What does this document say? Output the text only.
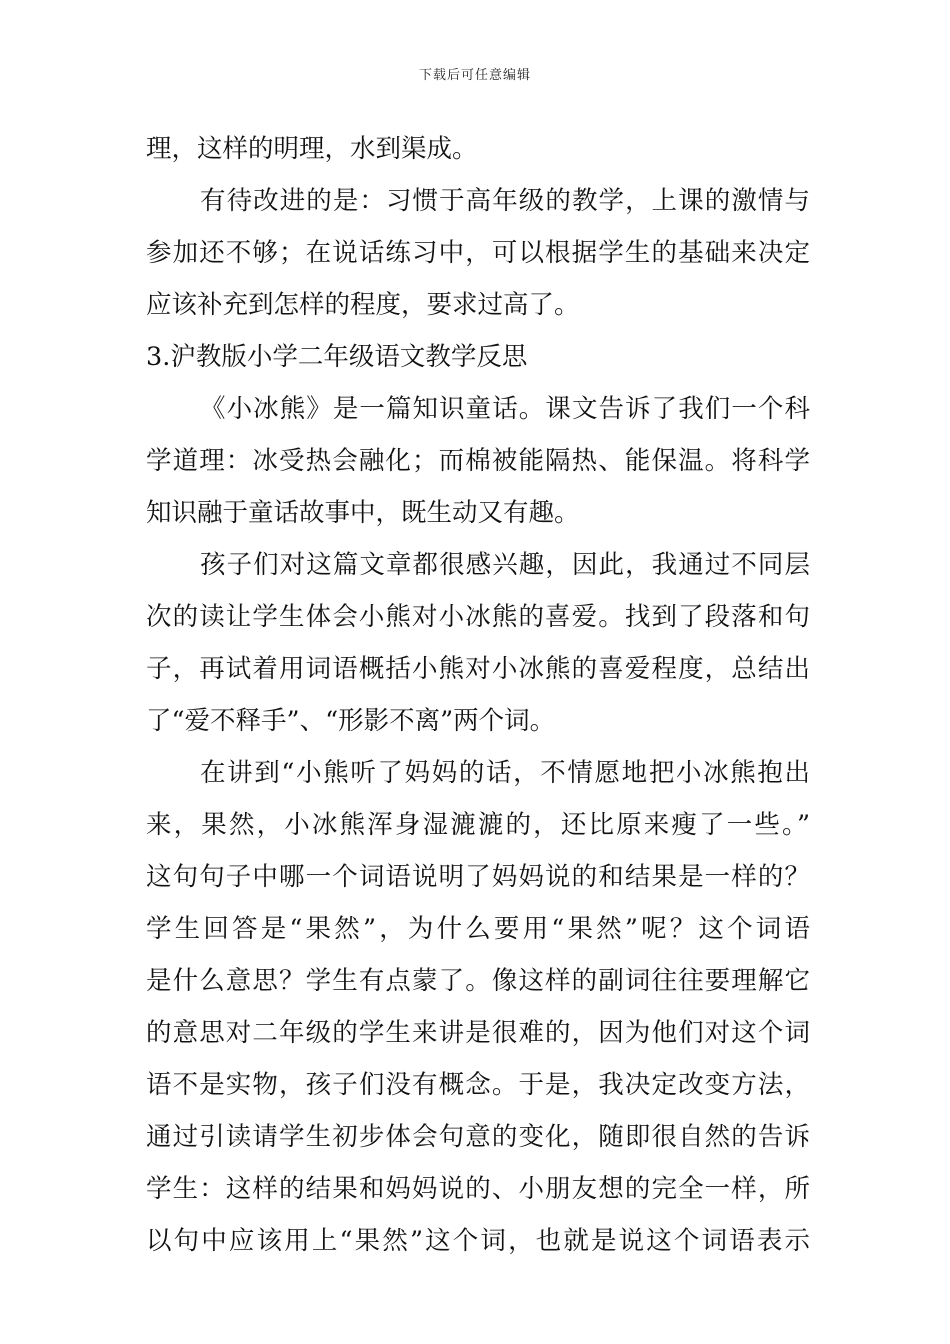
下载后可任意编辑
理，这样的明理，水到渠成。
有待改进的是：习惯于高年级的教学，上课的激情与
参加还不够；在说话练习中，可以根据学生的基础来决定
应该补充到怎样的程度，要求过高了。
3.沪教版小学二年级语文教学反思
《小冰熊》是一篇知识童话。课文告诉了我们一个科
学道理：冰受热会融化；而棉被能隔热、能保温。将科学
知识融于童话故事中，既生动又有趣。
孩子们对这篇文章都很感兴趣，因此，我通过不同层
次的读让学生体会小熊对小冰熊的喜爱。找到了段落和句
子，再试着用词语概括小熊对小冰熊的喜爱程度，总结出
了“爱不释手”、“形影不离”两个词。
在讲到“小熊听了妈妈的话，不情愿地把小冰熊抱出
来，果然，小冰熊浑身湿漉漉的，还比原来瘦了一些。”
这句句子中哪一个词语说明了妈妈说的和结果是一样的？
学生回答是“果然”，为什么要用“果然”呢？这个词语
是什么意思？学生有点蒙了。像这样的副词往往要理解它
的意思对二年级的学生来讲是很难的，因为他们对这个词
语不是实物，孩子们没有概念。于是，我决定改变方法，
通过引读请学生初步体会句意的变化，随即很自然的告诉
学生：这样的结果和妈妈说的、小朋友想的完全一样，所
以句中应该用上“果然”这个词，也就是说这个词语表示
